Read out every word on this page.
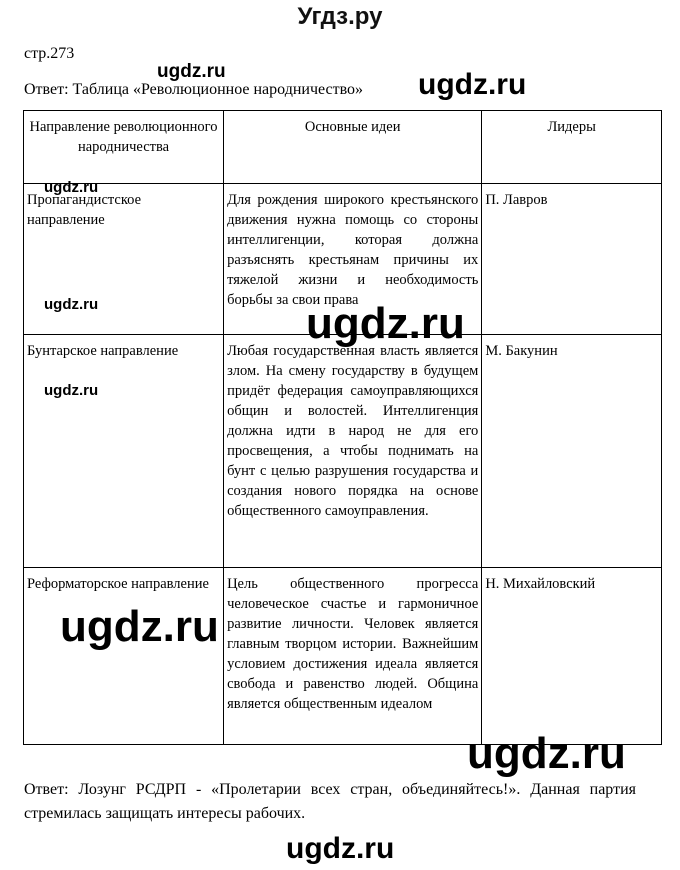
Угдз.ру
стр.273
Ответ: Таблица «Революционное народничество»
Направление революционного народничества	Основные идеи	Лидеры
Пропагандистское направление	Для рождения широкого крестьянского движения нужна помощь со стороны интеллигенции, которая должна разъяснять крестьянам причины их тяжелой жизни и необходимость борьбы за свои права	П. Лавров
Бунтарское направление	Любая государственная власть является злом. На смену государству в будущем придёт федерация самоуправляющихся общин и волостей. Интеллигенция должна идти в народ не для его просвещения, а чтобы поднимать на бунт с целью разрушения государства и создания нового порядка на основе общественного самоуправления.	М. Бакунин
Реформаторское направление	Цель общественного прогресса человеческое счастье и гармоничное развитие личности. Человек является главным творцом истории. Важнейшим условием достижения идеала является свобода и равенство людей. Община является общественным идеалом	Н. Михайловский
Ответ: Лозунг РСДРП - «Пролетарии всех стран, объединяйтесь!». Данная партия стремилась защищать интересы рабочих.
ugdz.ru	ugdz.ru
ugdz.ru
ugdz.ru	ugdz.ru
ugdz.ru
ugdz.ru
ugdz.ru
ugdz.ru
